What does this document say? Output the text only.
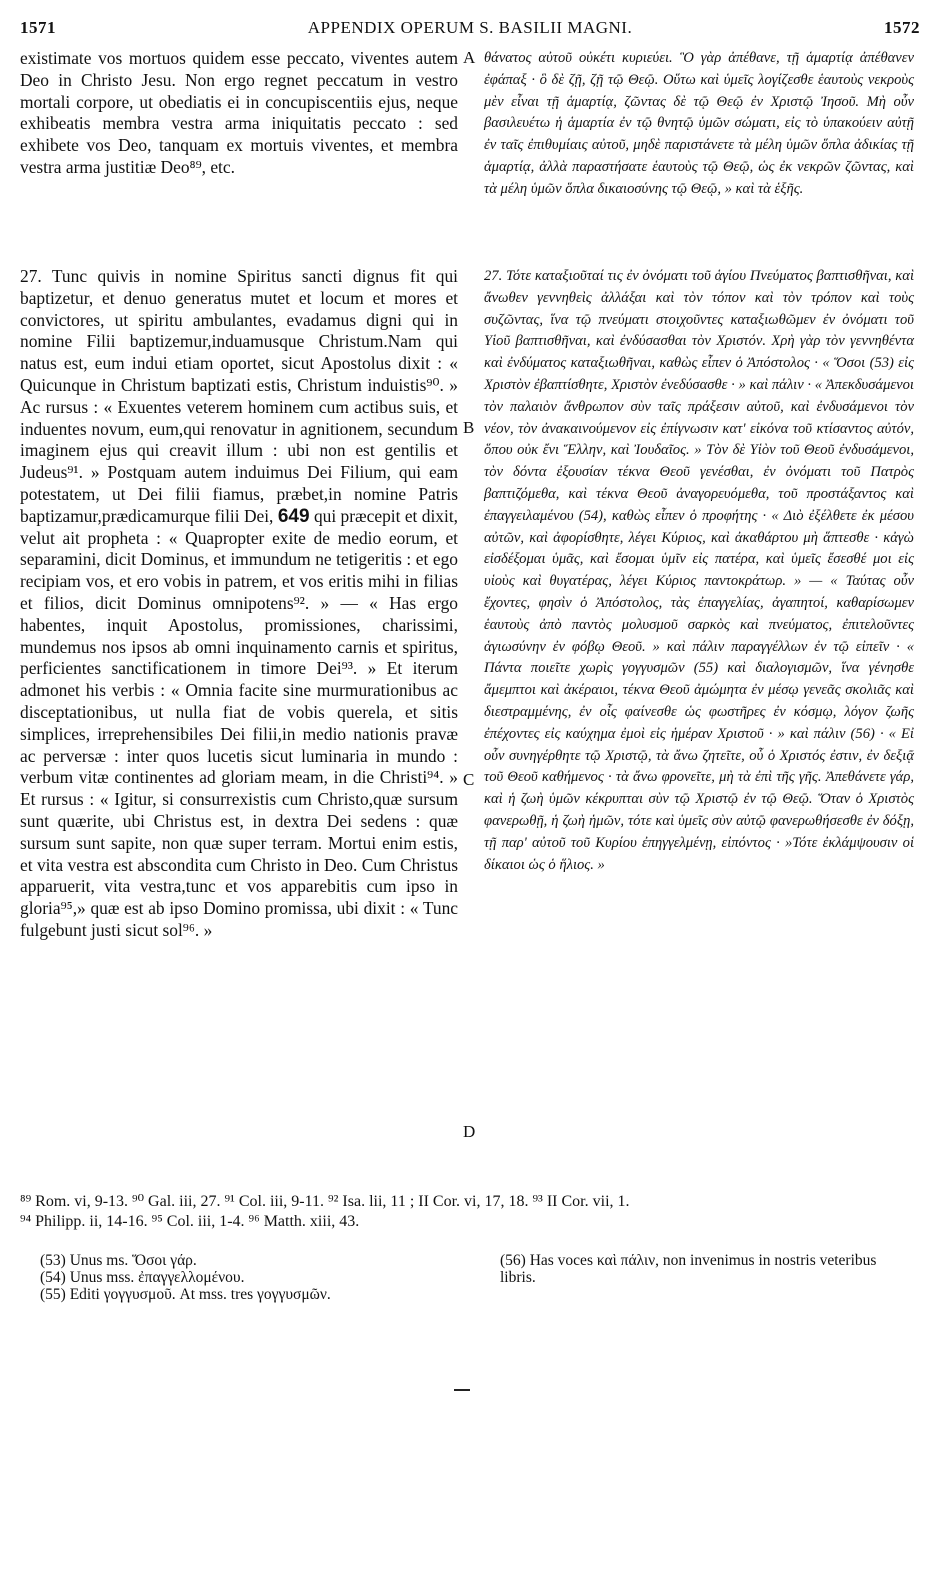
1571	APPENDIX OPERUM S. BASILII MAGNI.	1572

existimate vos mortuos quidem esse peccato, viventes autem Deo in Christo Jesu. Non ergo regnet peccatum in vestro mortali corpore, ut obediatis ei in concupiscentiis ejus, neque exhibeatis membra vestra arma iniquitatis peccato : sed exhibete vos Deo, tanquam ex mortuis viventes, et membra vestra arma justitiæ Deo⁸⁹, etc.

θάνατος αὐτοῦ οὐκέτι κυριεύει. Ὃ γὰρ ἀπέθανε, τῇ ἁμαρτίᾳ ἀπέθανεν ἐφάπαξ · ὃ δὲ ζῇ, ζῇ τῷ Θεῷ. Οὕτω καὶ ὑμεῖς λογίζεσθε ἑαυτοὺς νεκροὺς μὲν εἶναι τῇ ἁμαρτίᾳ, ζῶντας δὲ τῷ Θεῷ ἐν Χριστῷ Ἰησοῦ. Μὴ οὖν βασιλευέτω ἡ ἁμαρτία ἐν τῷ θνητῷ ὑμῶν σώματι, εἰς τὸ ὑπακούειν αὐτῇ ἐν ταῖς ἐπιθυμίαις αὐτοῦ, μηδὲ παριστάνετε τὰ μέλη ὑμῶν ὅπλα ἀδικίας τῇ ἁμαρτίᾳ, ἀλλὰ παραστήσατε ἑαυτοὺς τῷ Θεῷ, ὡς ἐκ νεκρῶν ζῶντας, καὶ τὰ μέλη ὑμῶν ὅπλα δικαιοσύνης τῷ Θεῷ, » καὶ τὰ ἑξῆς.

27. Tunc quivis in nomine Spiritus sancti dignus fit qui baptizetur, et denuo generatus mutet et locum et mores et convictores, ut spiritu ambulantes, evadamus digni qui in nomine Filii baptizemur,induamusque Christum.Nam qui natus est, eum indui etiam oportet, sicut Apostolus dixit : « Quicunque in Christum baptizati estis, Christum induistis⁹⁰. » Ac rursus : « Exuentes veterem hominem cum actibus suis, et induentes novum, eum,qui renovatur in agnitionem, secundum imaginem ejus qui creavit illum : ubi non est gentilis et Judeus⁹¹. » Postquam autem induimus Dei Filium, qui eam potestatem, ut Dei filii fiamus, præbet,in nomine Patris baptizamur,prædicamurque filii Dei, 649 qui præcepit et dixit, velut ait propheta : « Quapropter exite de medio eorum, et separamini, dicit Dominus, et immundum ne tetigeritis : et ego recipiam vos, et ero vobis in patrem, et vos eritis mihi in filias et filios, dicit Dominus omnipotens⁹². » — « Has ergo habentes, inquit Apostolus, promissiones, charissimi, mundemus nos ipsos ab omni inquinamento carnis et spiritus, perficientes sanctificationem in timore Dei⁹³. » Et iterum admonet his verbis : « Omnia facite sine murmurationibus ac disceptationibus, ut nulla fiat de vobis querela, et sitis simplices, irreprehensibiles Dei filii,in medio nationis pravæ ac perversæ : inter quos lucetis sicut luminaria in mundo : verbum vitæ continentes ad gloriam meam, in die Christi⁹⁴. » Et rursus : « Igitur, si consurrexistis cum Christo,quæ sursum sunt quærite, ubi Christus est, in dextra Dei sedens : quæ sursum sunt sapite, non quæ super terram. Mortui enim estis, et vita vestra est abscondita cum Christo in Deo. Cum Christus apparuerit, vita vestra,tunc et vos apparebitis cum ipso in gloria⁹⁵,» quæ est ab ipso Domino promissa, ubi dixit : « Tunc fulgebunt justi sicut sol⁹⁶. »

27. Τότε καταξιοῦταί τις ἐν ὀνόματι τοῦ ἁγίου Πνεύματος βαπτισθῆναι, καὶ ἄνωθεν γεννηθεὶς ἀλλάξαι καὶ τὸν τόπον καὶ τὸν τρόπον καὶ τοὺς συζῶντας, ἵνα τῷ πνεύματι στοιχοῦντες καταξιωθῶμεν ἐν ὀνόματι τοῦ Υἱοῦ βαπτισθῆναι, καὶ ἐνδύσασθαι τὸν Χριστόν. Χρὴ γὰρ τὸν γεννηθέντα καὶ ἐνδύματος καταξιωθῆναι, καθὼς εἶπεν ὁ Ἀπόστολος · « Ὅσοι (53) εἰς Χριστὸν ἐβαπτίσθητε, Χριστὸν ἐνεδύσασθε · » καὶ πάλιν · « Ἀπεκδυσάμενοι τὸν παλαιὸν ἄνθρωπον σὺν ταῖς πράξεσιν αὐτοῦ, καὶ ἐνδυσάμενοι τὸν νέον, τὸν ἀνακαινούμενον εἰς ἐπίγνωσιν κατ' εἰκόνα τοῦ κτίσαντος αὐτόν, ὅπου οὐκ ἔνι Ἕλλην, καὶ Ἰουδαῖος. » Τὸν δὲ Υἱὸν τοῦ Θεοῦ ἐνδυσάμενοι, τὸν δόντα ἐξουσίαν τέκνα Θεοῦ γενέσθαι, ἐν ὀνόματι τοῦ Πατρὸς βαπτιζόμεθα, καὶ τέκνα Θεοῦ ἀναγορευόμεθα, τοῦ προστάξαντος καὶ ἐπαγγειλαμένου (54), καθὼς εἶπεν ὁ προφήτης · « Διὸ ἐξέλθετε ἐκ μέσου αὐτῶν, καὶ ἀφορίσθητε, λέγει Κύριος, καὶ ἀκαθάρτου μὴ ἅπτεσθε · κἀγὼ εἰσδέξομαι ὑμᾶς, καὶ ἔσομαι ὑμῖν εἰς πατέρα, καὶ ὑμεῖς ἔσεσθέ μοι εἰς υἱοὺς καὶ θυγατέρας, λέγει Κύριος παντοκράτωρ. » — « Ταύτας οὖν ἔχοντες, φησὶν ὁ Ἀπόστολος, τὰς ἐπαγγελίας, ἀγαπητοί, καθαρίσωμεν ἑαυτοὺς ἀπὸ παντὸς μολυσμοῦ σαρκὸς καὶ πνεύματος, ἐπιτελοῦντες ἁγιωσύνην ἐν φόβῳ Θεοῦ. » καὶ πάλιν παραγγέλλων ἐν τῷ εἰπεῖν · « Πάντα ποιεῖτε χωρὶς γογγυσμῶν (55) καὶ διαλογισμῶν, ἵνα γένησθε ἄμεμπτοι καὶ ἀκέραιοι, τέκνα Θεοῦ ἀμώμητα ἐν μέσῳ γενεᾶς σκολιᾶς καὶ διεστραμμένης, ἐν οἷς φαίνεσθε ὡς φωστῆρες ἐν κόσμῳ, λόγον ζωῆς ἐπέχοντες εἰς καύχημα ἐμοὶ εἰς ἡμέραν Χριστοῦ · » καὶ πάλιν (56) · « Εἰ οὖν συνηγέρθητε τῷ Χριστῷ, τὰ ἄνω ζητεῖτε, οὗ ὁ Χριστός ἐστιν, ἐν δεξιᾷ τοῦ Θεοῦ καθήμενος · τὰ ἄνω φρονεῖτε, μὴ τὰ ἐπὶ τῆς γῆς. Ἀπεθάνετε γάρ, καὶ ἡ ζωὴ ὑμῶν κέκρυπται σὺν τῷ Χριστῷ ἐν τῷ Θεῷ. Ὅταν ὁ Χριστὸς φανερωθῇ, ἡ ζωὴ ἡμῶν, τότε καὶ ὑμεῖς σὺν αὐτῷ φανερωθήσεσθε ἐν δόξῃ, τῇ παρ' αὐτοῦ τοῦ Κυρίου ἐπηγγελμένῃ, εἰπόντος · »Τότε ἐκλάμψουσιν οἱ δίκαιοι ὡς ὁ ἥλιος. »

A
B
C
D
⁸⁹ Rom. vi, 9-13. ⁹⁰ Gal. iii, 27. ⁹¹ Col. iii, 9-11. ⁹² Isa. lii, 11 ; II Cor. vi, 17, 18. ⁹³ II Cor. vii, 1.
⁹⁴ Philipp. ii, 14-16. ⁹⁵ Col. iii, 1-4. ⁹⁶ Matth. xiii, 43.
(53) Unus ms. Ὅσοι γάρ.
(54) Unus mss. ἐπαγγελλομένου.
(55) Editi γογγυσμοῦ. At mss. tres γογγυσμῶν.
(56) Has voces καὶ πάλιν, non invenimus in nostris veteribus libris.
